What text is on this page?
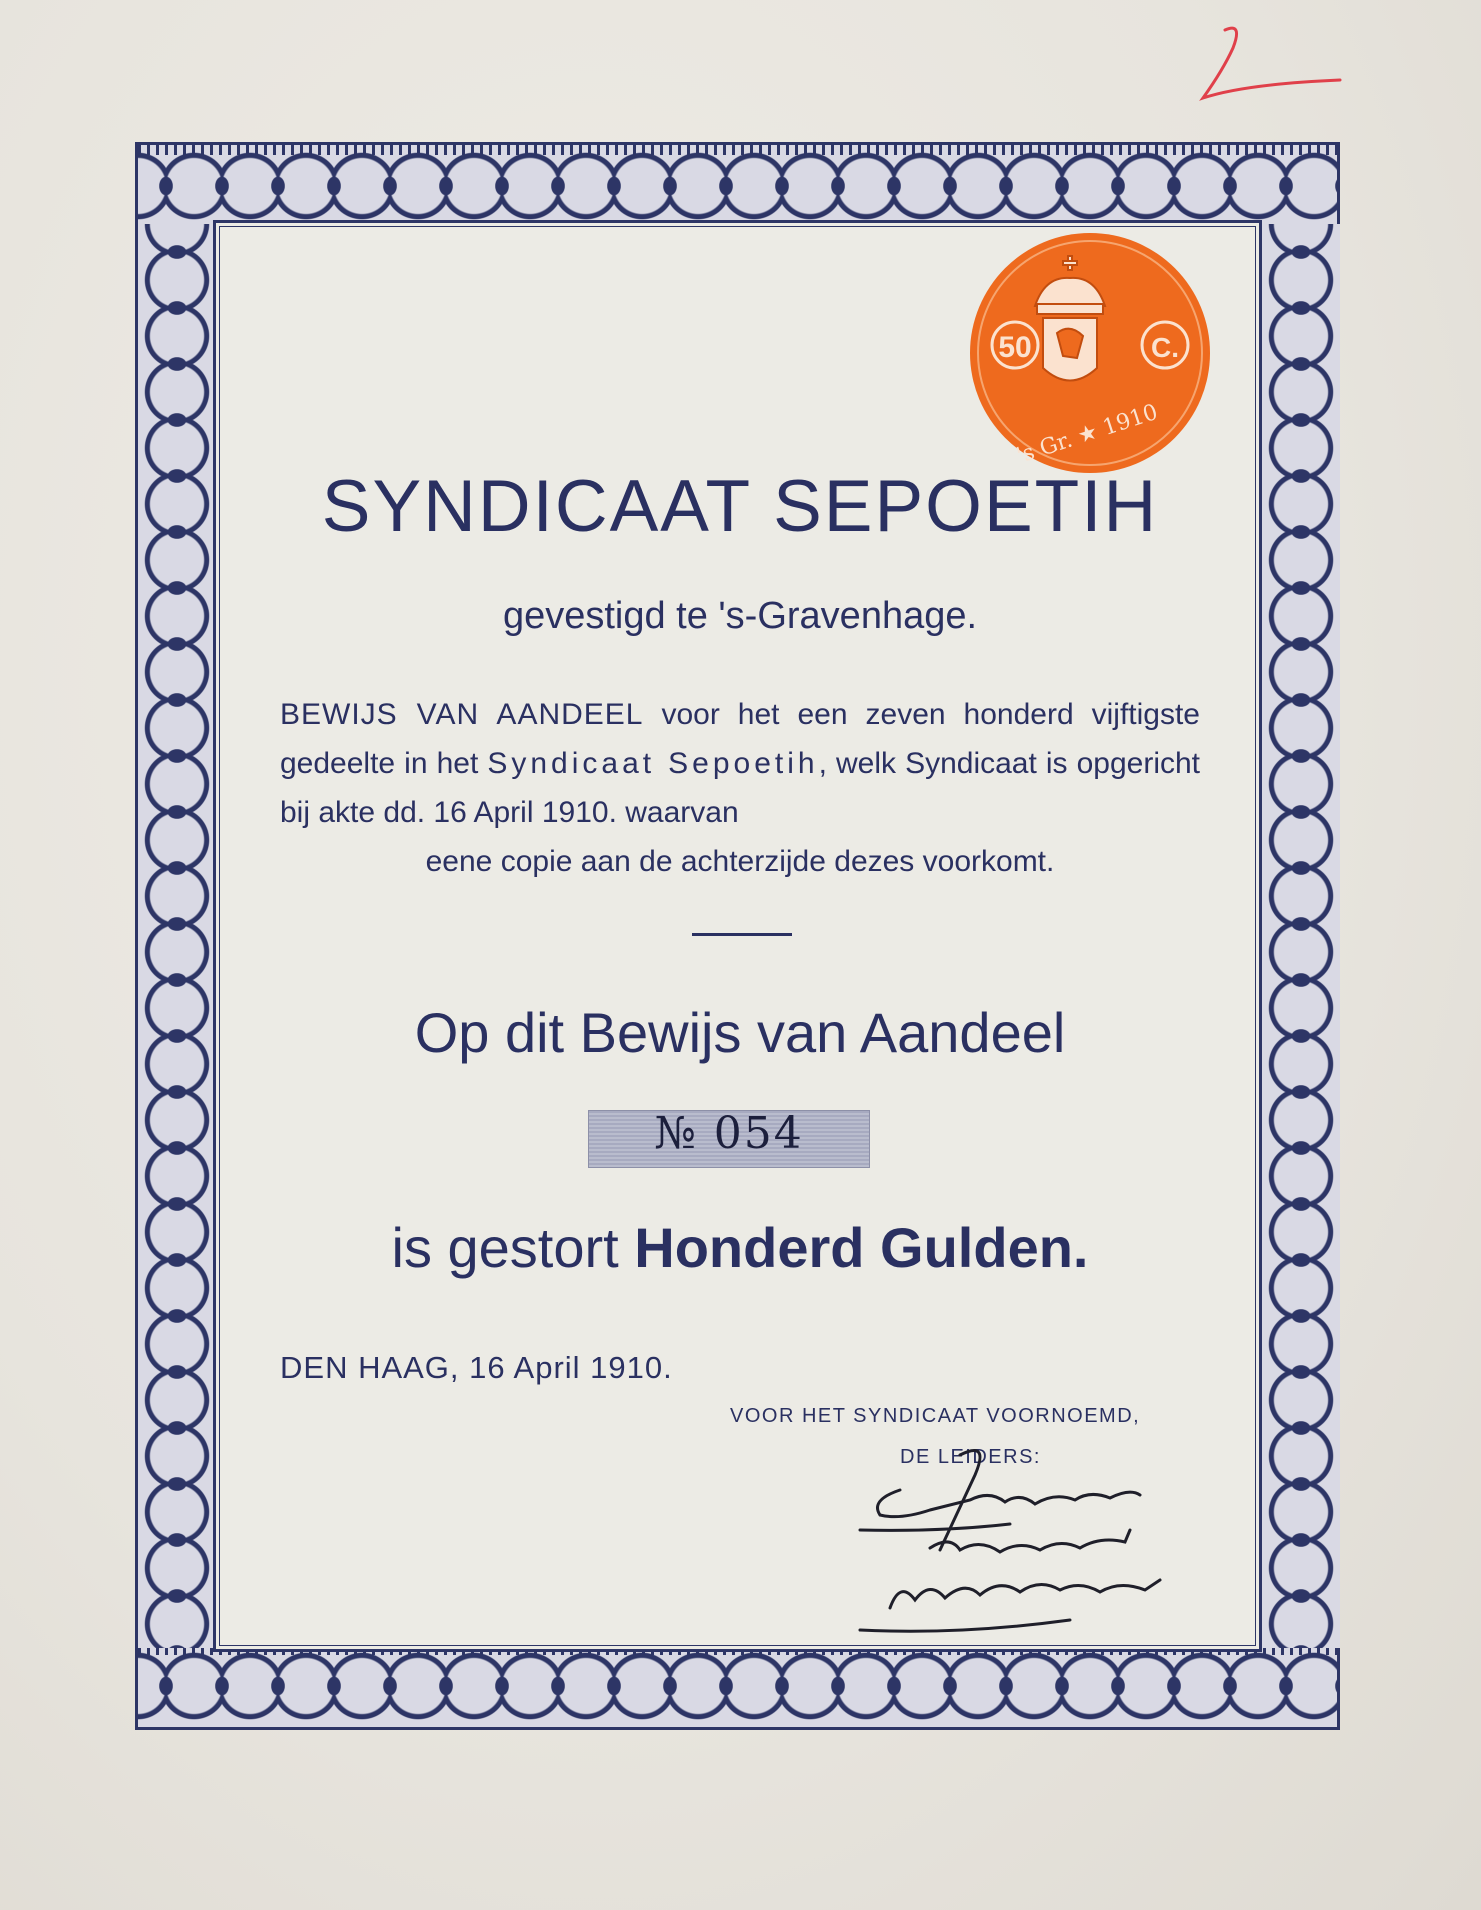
50	C.
's Gr. ★ 1910
SYNDICAAT SEPOETIH
gevestigd te 's-Gravenhage.
BEWIJS VAN AANDEEL voor het een zeven honderd vijftigste gedeelte in het Syndicaat Sepoetih, welk Syndicaat is opgericht bij akte dd. 16 April 1910. waarvan
eene copie aan de achterzijde dezes voorkomt.
Op dit Bewijs van Aandeel
№ 054
is gestort Honderd Gulden.
DEN HAAG, 16 April 1910.
VOOR HET SYNDICAAT VOORNOEMD,
DE LEIDERS:
